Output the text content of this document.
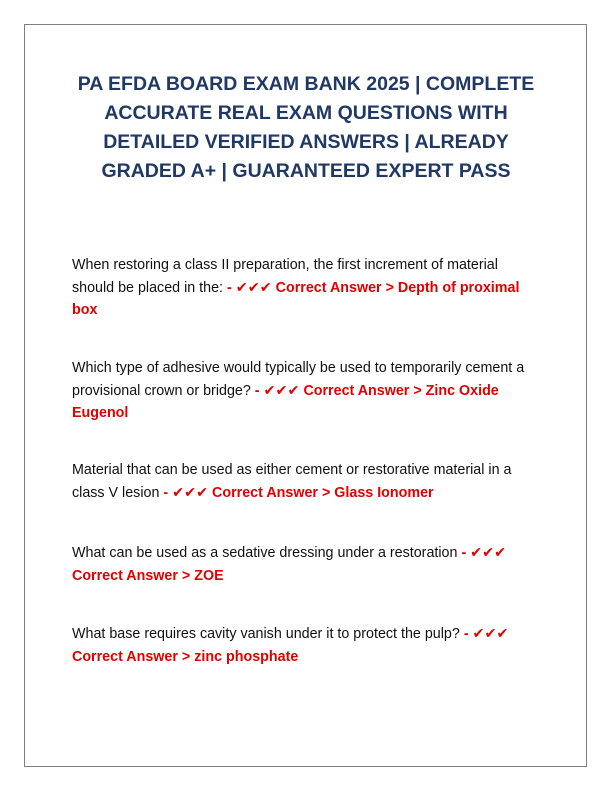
PA EFDA BOARD EXAM BANK 2025 | COMPLETE ACCURATE REAL EXAM QUESTIONS WITH DETAILED VERIFIED ANSWERS | ALREADY GRADED A+ | GUARANTEED EXPERT PASS

When restoring a class II preparation, the first increment of material should be placed in the: - ✔✔✔ Correct Answer > Depth of proximal box

Which type of adhesive would typically be used to temporarily cement a provisional crown or bridge? - ✔✔✔ Correct Answer > Zinc Oxide Eugenol

Material that can be used as either cement or restorative material in a class V lesion - ✔✔✔ Correct Answer > Glass Ionomer

What can be used as a sedative dressing under a restoration - ✔✔✔ Correct Answer > ZOE

What base requires cavity vanish under it to protect the pulp? - ✔✔✔ Correct Answer > zinc phosphate
